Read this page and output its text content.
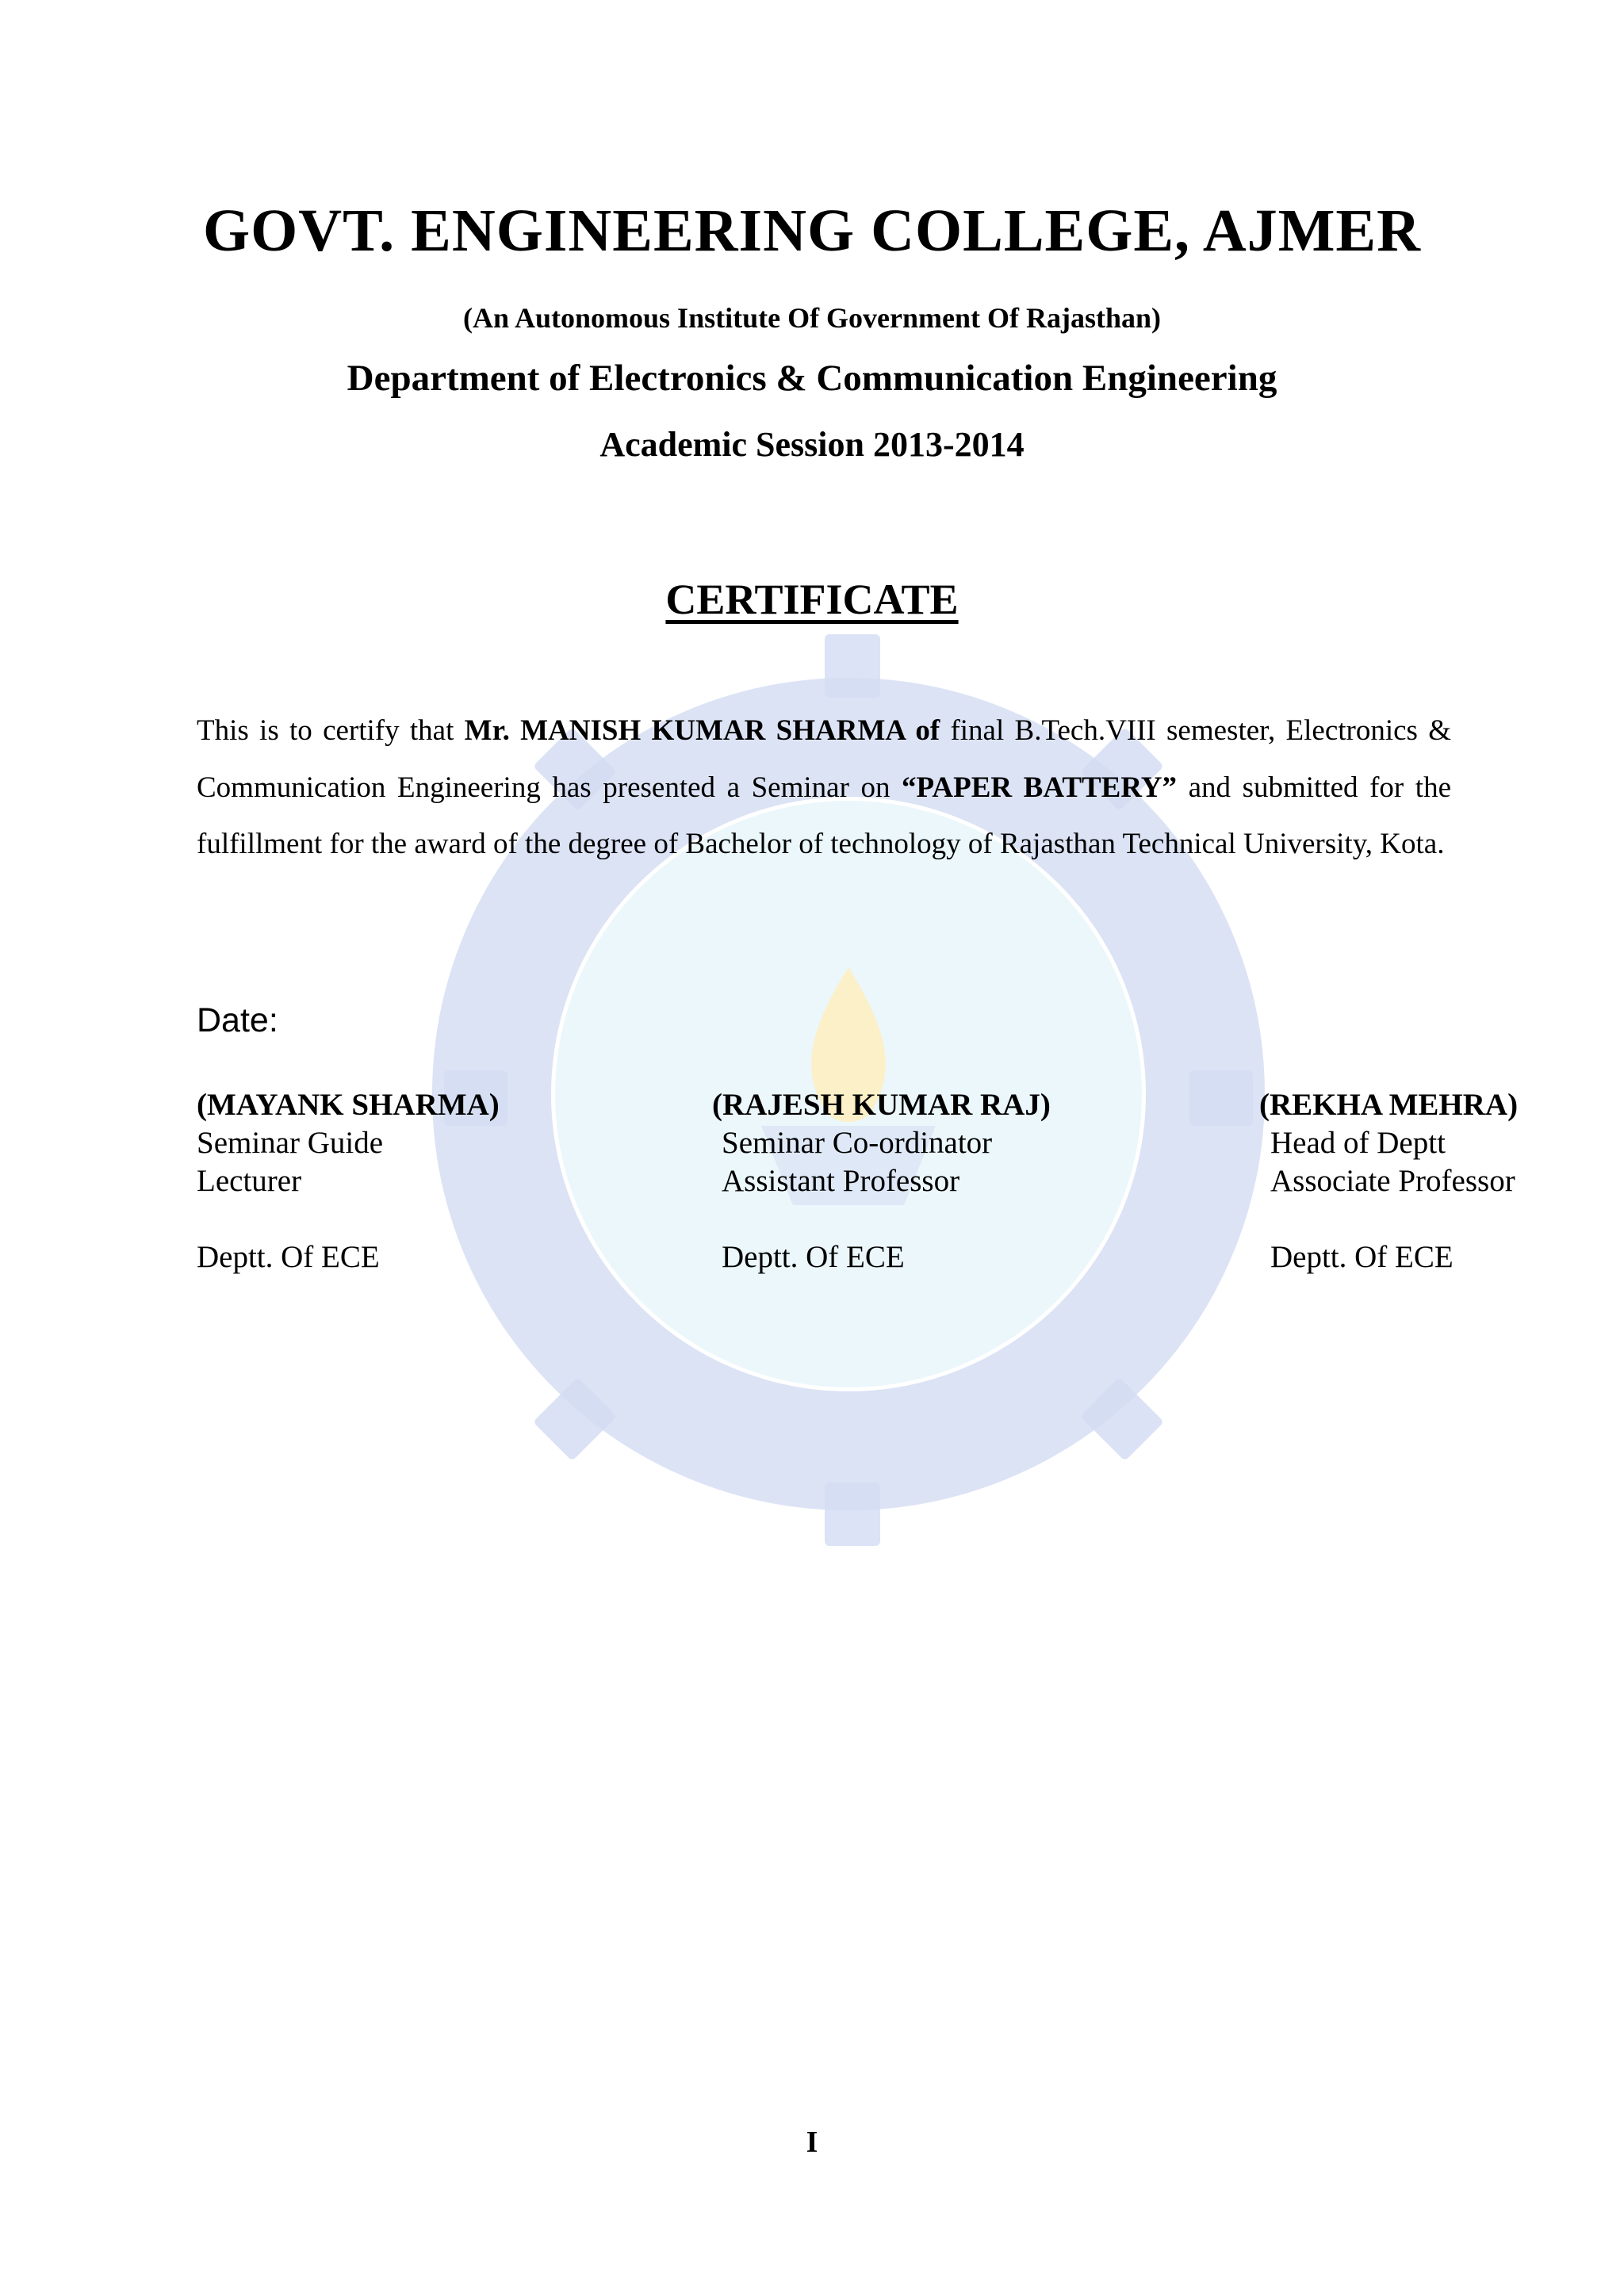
GOVT. ENGINEERING COLLEGE, AJMER
(An Autonomous Institute Of Government Of Rajasthan)
Department of Electronics & Communication Engineering
Academic Session 2013-2014
CERTIFICATE
This is to certify that Mr. MANISH KUMAR SHARMA of final B.Tech.VIII semester, Electronics & Communication Engineering has presented a Seminar on “PAPER BATTERY” and submitted for the fulfillment for the award of the degree of Bachelor of technology of Rajasthan Technical University, Kota.
Date:
(MAYANK SHARMA)
Seminar Guide
Lecturer
Deptt. Of ECE
(RAJESH KUMAR RAJ)
Seminar Co-ordinator
Assistant Professor
Deptt. Of ECE
(REKHA MEHRA)
Head of Deptt
Associate Professor
Deptt. Of ECE
I
